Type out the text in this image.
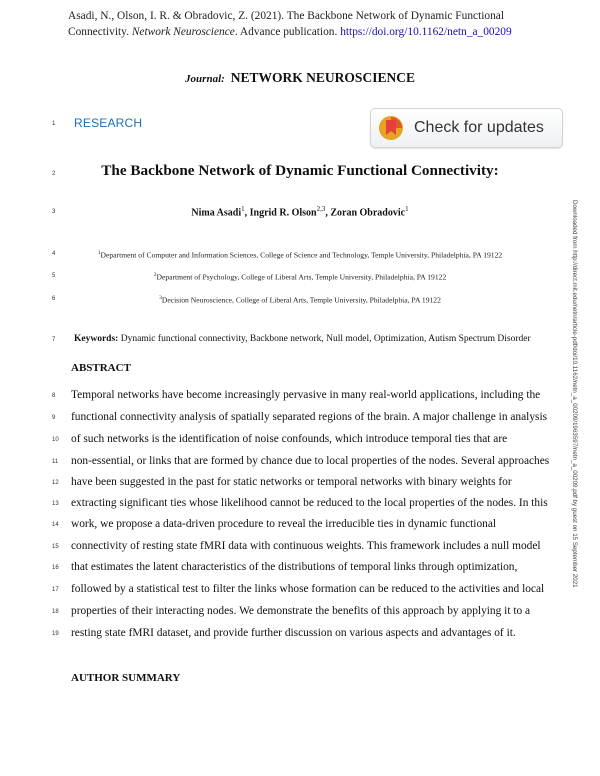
Asadi, N., Olson, I. R. & Obradovic, Z. (2021). The Backbone Network of Dynamic Functional
Connectivity. Network Neuroscience. Advance publication. https://doi.org/10.1162/netn_a_00209
Journal: NETWORK NEUROSCIENCE
RESEARCH	Check for updates
The Backbone Network of Dynamic Functional Connectivity:
Nima Asadi$^1$, Ingrid R. Olson$^{2,3}$, Zoran Obradovic$^1$
$^1$Department of Computer and Information Sciences, College of Science and Technology, Temple University, Philadelphia, PA 19122
$^2$Department of Psychology, College of Liberal Arts, Temple University, Philadelphia, PA 19122
$^3$Decision Neuroscience, College of Liberal Arts, Temple University, Philadelphia, PA 19122
Keywords: Dynamic functional connectivity, Backbone network, Null model, Optimization, Autism Spectrum Disorder
ABSTRACT
Temporal networks have become increasingly pervasive in many real-world applications, including the
functional connectivity analysis of spatially separated regions of the brain. A major challenge in analysis
of such networks is the identification of noise confounds, which introduce temporal ties that are
non-essential, or links that are formed by chance due to local properties of the nodes. Several approaches
have been suggested in the past for static networks or temporal networks with binary weights for
extracting significant ties whose likelihood cannot be reduced to the local properties of the nodes. In this
work, we propose a data-driven procedure to reveal the irreducible ties in dynamic functional
connectivity of resting state fMRI data with continuous weights. This framework includes a null model
that estimates the latent characteristics of the distributions of temporal links through optimization,
followed by a statistical test to filter the links whose formation can be reduced to the activities and local
properties of their interacting nodes. We demonstrate the benefits of this approach by applying it to a
resting state fMRI dataset, and provide further discussion on various aspects and advantages of it.
AUTHOR SUMMARY
1
2
3
4
5
6
7
8
9
10
11
12
13
14
15
16
17
18
19
Downloaded from http://direct.mit.edu/netn/article-pdf/doi/10.1162/netn_a_00209/1963597/netn_a_00209.pdf by guest on 15 September 2021
